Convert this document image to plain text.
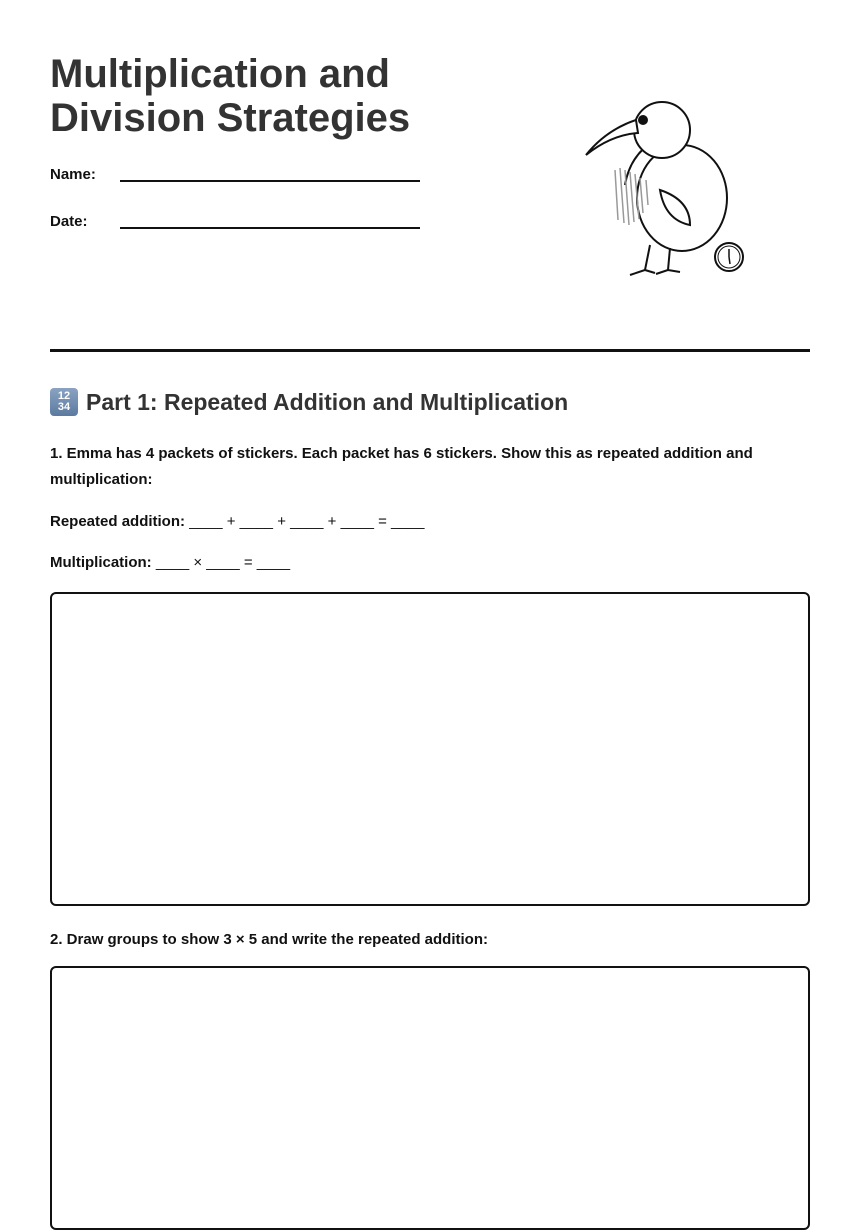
Multiplication and
Division Strategies
Name:
Date:
12
34 Part 1: Repeated Addition and Multiplication
1. Emma has 4 packets of stickers. Each packet has 6 stickers. Show this as repeated addition and multiplication:
Repeated addition: ____ + ____ + ____ + ____ = ____
Multiplication: ____ × ____ = ____
2. Draw groups to show 3 × 5 and write the repeated addition:
